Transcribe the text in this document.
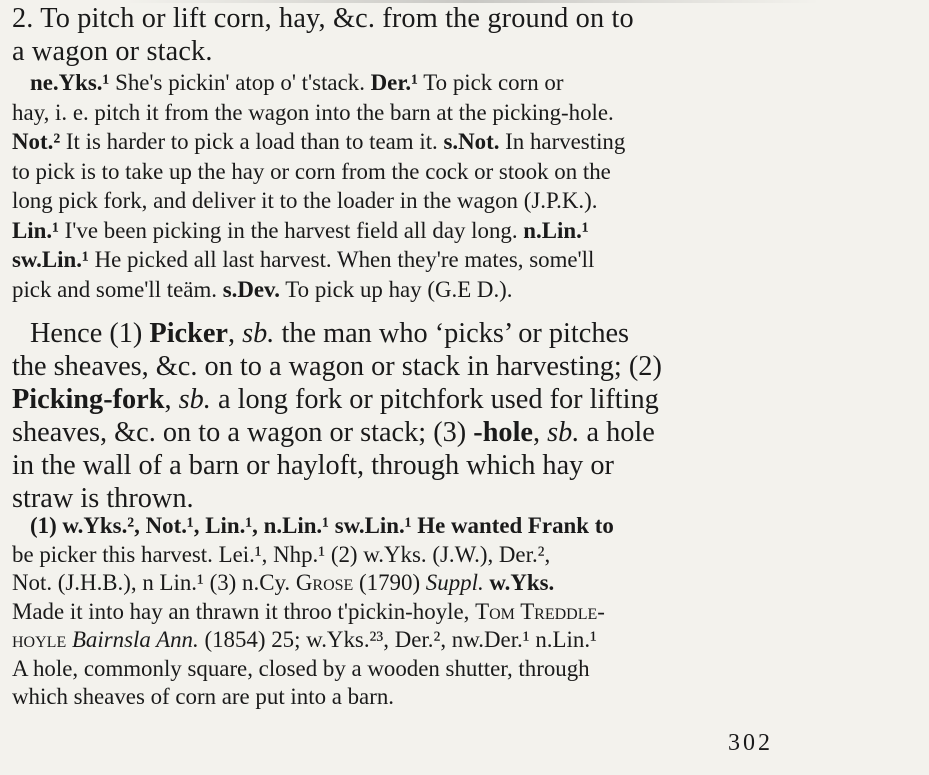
2. To pitch or lift corn, hay, &c. from the ground on to
a wagon or stack.

ne.Yks.¹ She's pickin' atop o' t'stack. Der.¹ To pick corn or
hay, i. e. pitch it from the wagon into the barn at the picking-hole.
Not.² It is harder to pick a load than to team it. s.Not. In harvesting
to pick is to take up the hay or corn from the cock or stook on the
long pick fork, and deliver it to the loader in the wagon (J.P.K.).
Lin.¹ I've been picking in the harvest field all day long. n.Lin.¹
sw.Lin.¹ He picked all last harvest. When they're mates, some'll
pick and some'll teäm. s.Dev. To pick up hay (G.E D.).
Hence (1) Picker, sb. the man who ‘picks’ or pitches
the sheaves, &c. on to a wagon or stack in harvesting; (2)
Picking-fork, sb. a long fork or pitchfork used for lifting
sheaves, &c. on to a wagon or stack; (3) -hole, sb. a hole
in the wall of a barn or hayloft, through which hay or
straw is thrown.
(1) w.Yks.², Not.¹, Lin.¹, n.Lin.¹ sw.Lin.¹ He wanted Frank to
be picker this harvest. Lei.¹, Nhp.¹ (2) w.Yks. (J.W.), Der.²,
Not. (J.H.B.), n Lin.¹ (3) n.Cy. Grose (1790) Suppl. w.Yks.
Made it into hay an thrawn it throo t'pickin-hoyle, Tom Treddle-
hoyle Bairnsla Ann. (1854) 25; w.Yks.²³, Der.², nw.Der.¹ n.Lin.¹
A hole, commonly square, closed by a wooden shutter, through
which sheaves of corn are put into a barn.
302
